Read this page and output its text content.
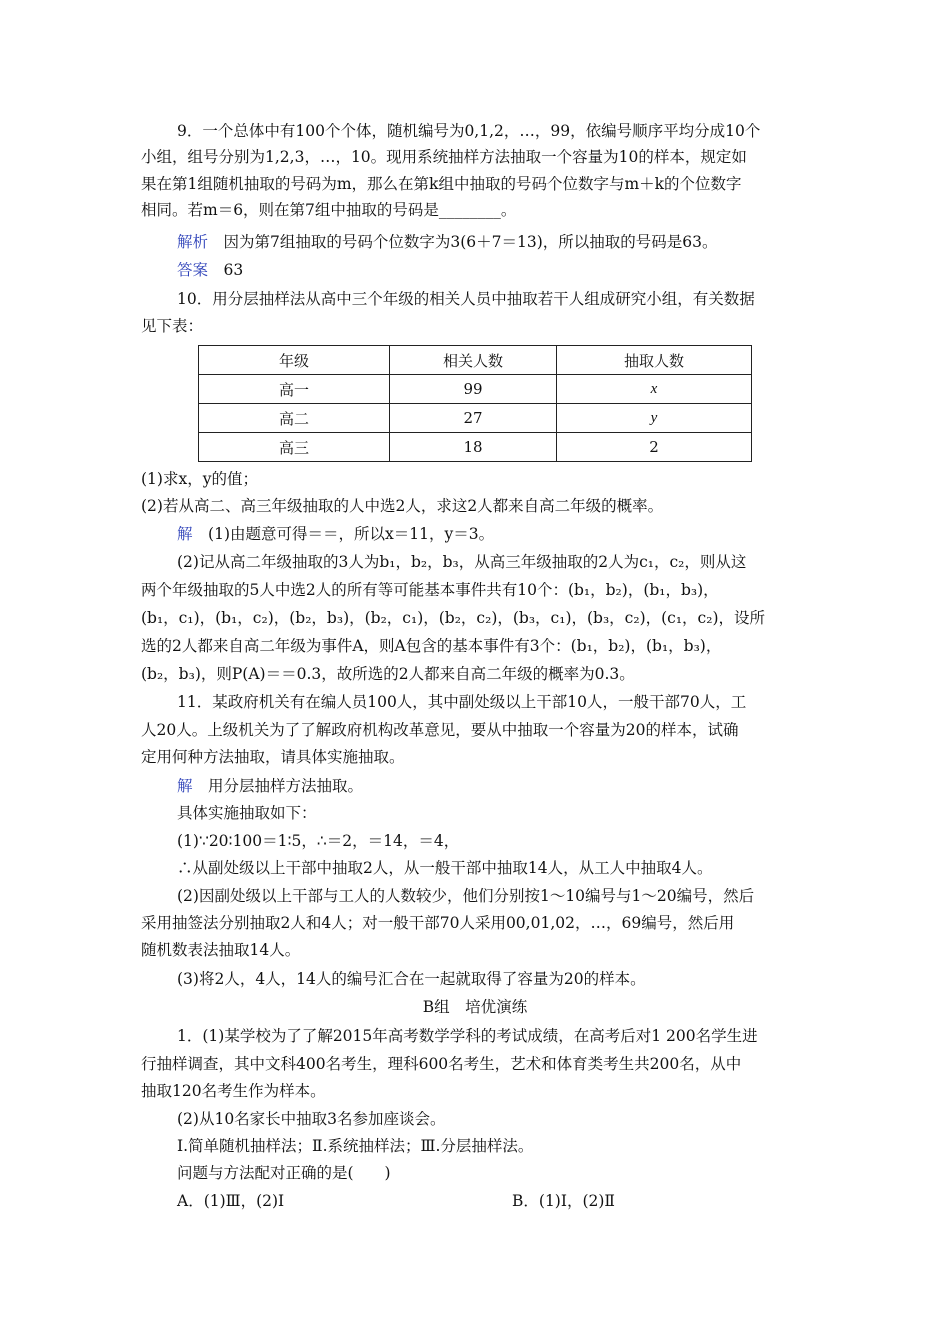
9．一个总体中有100个个体，随机编号为0,1,2，…，99，依编号顺序平均分成10个
小组，组号分别为1,2,3，…，10。现用系统抽样方法抽取一个容量为10的样本，规定如
果在第1组随机抽取的号码为m，那么在第k组中抽取的号码个位数字与m＋k的个位数字
相同。若m＝6，则在第7组中抽取的号码是________。
解析　 因为第7组抽取的号码个位数字为3(6＋7＝13)，所以抽取的号码是63。
答案　 63
10．用分层抽样法从高中三个年级的相关人员中抽取若干人组成研究小组，有关数据
见下表：
年级	相关人数	抽取人数
高一	99	x
高二	27	y
高三	18	2
(1)求x，y的值；
(2)若从高二、高三年级抽取的人中选2人，求这2人都来自高二年级的概率。
解　 (1)由题意可得＝＝，所以x＝11，y＝3。
(2)记从高二年级抽取的3人为b₁，b₂，b₃，从高三年级抽取的2人为c₁，c₂，则从这
两个年级抽取的5人中选2人的所有等可能基本事件共有10个：(b₁，b₂)，(b₁，b₃)，
(b₁，c₁)，(b₁，c₂)，(b₂，b₃)，(b₂，c₁)，(b₂，c₂)，(b₃，c₁)，(b₃，c₂)，(c₁，c₂)，设所
选的2人都来自高二年级为事件A，则A包含的基本事件有3个：(b₁，b₂)，(b₁，b₃)，
(b₂，b₃)，则P(A)＝＝0.3，故所选的2人都来自高二年级的概率为0.3。
11．某政府机关有在编人员100人，其中副处级以上干部10人，一般干部70人，工
人20人。上级机关为了了解政府机构改革意见，要从中抽取一个容量为20的样本，试确
定用何种方法抽取，请具体实施抽取。
解　 用分层抽样方法抽取。
具体实施抽取如下：
(1)∵20∶100＝1∶5，∴＝2，＝14，＝4，
∴从副处级以上干部中抽取2人，从一般干部中抽取14人，从工人中抽取4人。
(2)因副处级以上干部与工人的人数较少，他们分别按1～10编号与1～20编号，然后
采用抽签法分别抽取2人和4人；对一般干部70人采用00,01,02，…，69编号，然后用
随机数表法抽取14人。
(3)将2人，4人，14人的编号汇合在一起就取得了容量为20的样本。
B组　培优演练
1．(1)某学校为了了解2015年高考数学学科的考试成绩，在高考后对1 200名学生进
行抽样调查，其中文科400名考生，理科600名考生，艺术和体育类考生共200名，从中
抽取120名考生作为样本。
(2)从10名家长中抽取3名参加座谈会。
Ⅰ.简单随机抽样法；Ⅱ.系统抽样法；Ⅲ.分层抽样法。
问题与方法配对正确的是(　　)
A．(1)Ⅲ，(2)Ⅰ	B．(1)Ⅰ，(2)Ⅱ
